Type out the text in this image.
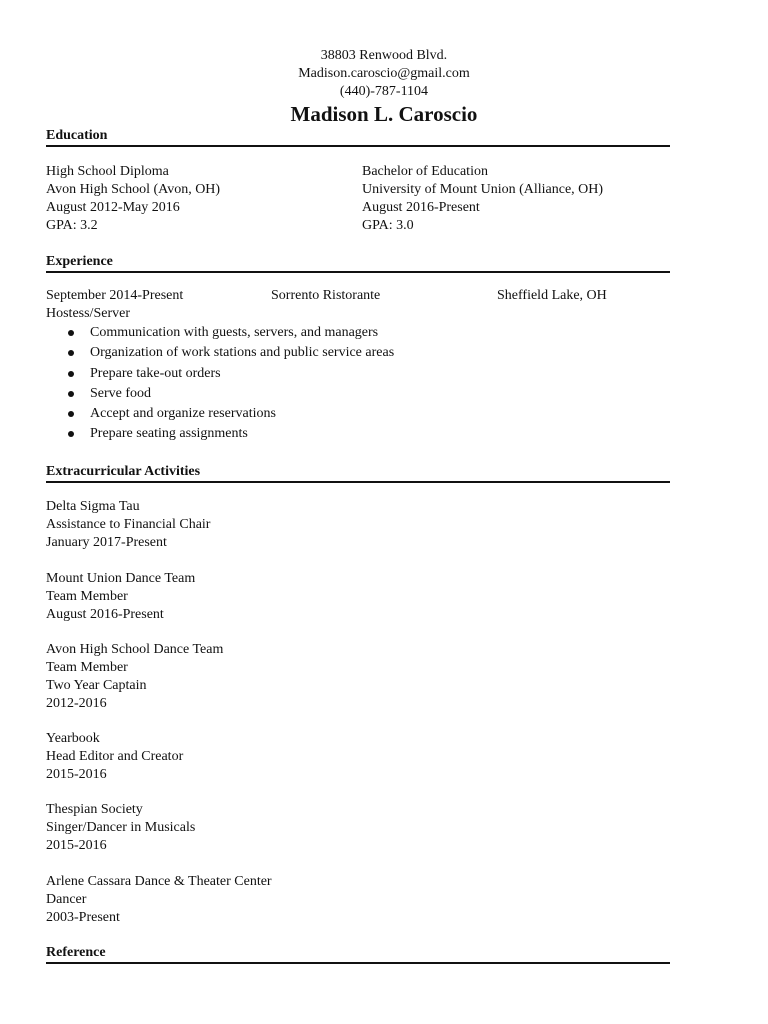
38803 Renwood Blvd.
Madison.caroscio@gmail.com
(440)-787-1104
Madison L. Caroscio
Education
High School Diploma
Avon High School (Avon, OH)
August 2012-May 2016
GPA: 3.2
Bachelor of Education
University of Mount Union (Alliance, OH)
August 2016-Present
GPA: 3.0
Experience
September 2014-Present	Sorrento Ristorante	Sheffield Lake, OH
Hostess/Server
Communication with guests, servers, and managers
Organization of work stations and public service areas
Prepare take-out orders
Serve food
Accept and organize reservations
Prepare seating assignments
Extracurricular Activities
Delta Sigma Tau
Assistance to Financial Chair
January 2017-Present
Mount Union Dance Team
Team Member
August 2016-Present
Avon High School Dance Team
Team Member
Two Year Captain
2012-2016
Yearbook
Head Editor and Creator
2015-2016
Thespian Society
Singer/Dancer in Musicals
2015-2016
Arlene Cassara Dance & Theater Center
Dancer
2003-Present
Reference
